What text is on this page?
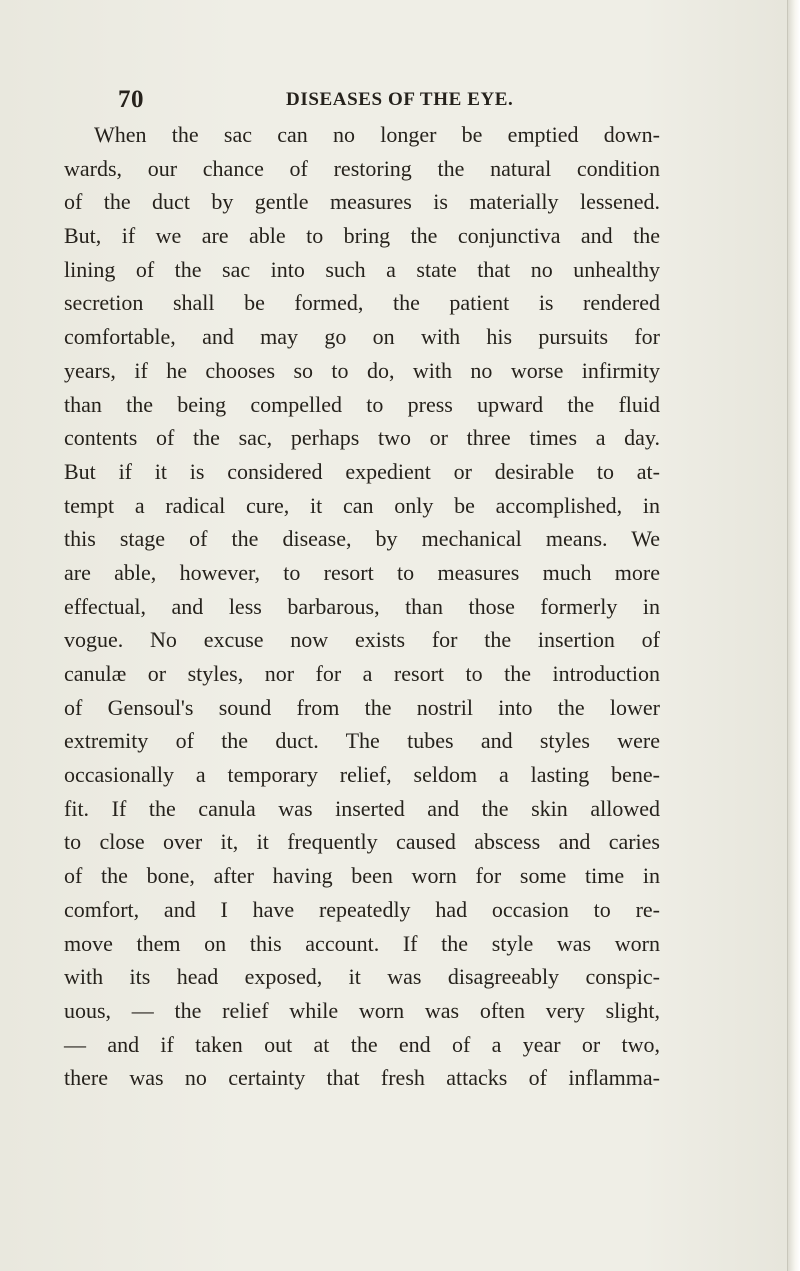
70	DISEASES OF THE EYE.
When the sac can no longer be emptied down-
wards, our chance of restoring the natural condition
of the duct by gentle measures is materially lessened.
But, if we are able to bring the conjunctiva and the
lining of the sac into such a state that no unhealthy
secretion shall be formed, the patient is rendered
comfortable, and may go on with his pursuits for
years, if he chooses so to do, with no worse infirmity
than the being compelled to press upward the fluid
contents of the sac, perhaps two or three times a day.
But if it is considered expedient or desirable to at-
tempt a radical cure, it can only be accomplished, in
this stage of the disease, by mechanical means. We
are able, however, to resort to measures much more
effectual, and less barbarous, than those formerly in
vogue. No excuse now exists for the insertion of
canulæ or styles, nor for a resort to the introduction
of Gensoul's sound from the nostril into the lower
extremity of the duct. The tubes and styles were
occasionally a temporary relief, seldom a lasting bene-
fit. If the canula was inserted and the skin allowed
to close over it, it frequently caused abscess and caries
of the bone, after having been worn for some time in
comfort, and I have repeatedly had occasion to re-
move them on this account. If the style was worn
with its head exposed, it was disagreeably conspic-
uous, — the relief while worn was often very slight,
— and if taken out at the end of a year or two,
there was no certainty that fresh attacks of inflamma-
